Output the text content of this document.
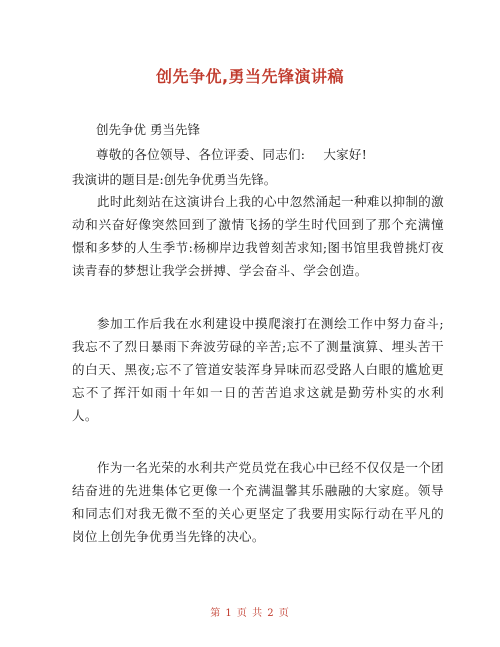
创先争优,勇当先锋演讲稿
创先争优 勇当先锋
尊敬的各位领导、各位评委、同志们: 大家好!
我演讲的题目是:创先争优勇当先锋。

此时此刻站在这演讲台上我的心中忽然涌起一种难以抑制的激动和兴奋好像突然回到了激情飞扬的学生时代回到了那个充满憧憬和多梦的人生季节:杨柳岸边我曾刻苦求知;图书馆里我曾挑灯夜读青春的梦想让我学会拼搏、学会奋斗、学会创造。

参加工作后我在水利建设中摸爬滚打在测绘工作中努力奋斗;我忘不了烈日暴雨下奔波劳碌的辛苦;忘不了测量演算、埋头苦干的白天、黑夜;忘不了管道安装浑身异味而忍受路人白眼的尴尬更忘不了挥汗如雨十年如一日的苦苦追求这就是勤劳朴实的水利人。

作为一名光荣的水利共产党员党在我心中已经不仅仅是一个团结奋进的先进集体它更像一个充满温馨其乐融融的大家庭。领导和同志们对我无微不至的关心更坚定了我要用实际行动在平凡的岗位上创先争优勇当先锋的决心。

第 1 页 共 2 页
